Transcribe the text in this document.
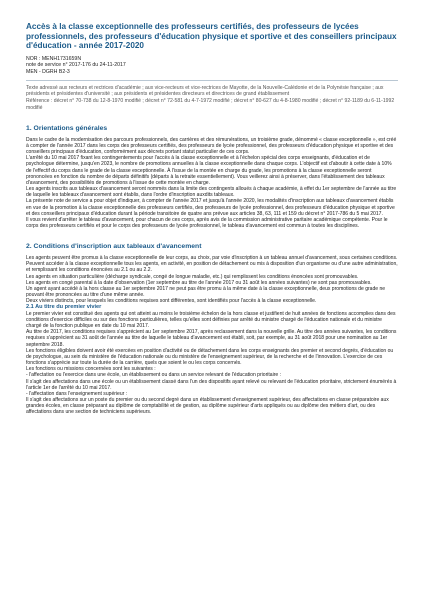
Accès à la classe exceptionnelle des professeurs certifiés, des professeurs de lycées professionnels, des professeurs d'éducation physique et sportive et des conseillers principaux d'éducation - année 2017-2020
NOR : MENH1731659N
note de service n° 2017-176 du 24-11-2017
MEN - DGRH B2-3

Texte adressé aux recteurs et rectrices d'académie ; aux vice-recteurs et vice-rectrices de Mayotte, de la Nouvelle-Calédonie et de la Polynésie française ; aux présidents et présidentes d'université ; aux présidents et présidentes directeurs et directrices de grand établissement

Référence : décret n° 70-738 du 12-8-1970 modifié ; décret n° 72-581 du 4-7-1972 modifié ; décret n° 80-627 du 4-8-1980 modifié ; décret n° 92-1189 du 6-11-1992 modifié

1. Orientations générales

Dans le cadre de la modernisation des parcours professionnels, des carrières et des rémunérations, un troisième grade, dénommé « classe exceptionnelle », est créé à compter de l'année 2017 dans les corps des professeurs certifiés, des professeurs de lycée professionnel, des professeurs d'éducation physique et sportive et des conseillers principaux d'éducation, conformément aux décrets portant statut particulier de ces corps.

L'arrêté du 10 mai 2017 fixant les contingentements pour l'accès à la classe exceptionnelle et à l'échelon spécial des corps enseignants, d'éducation et de psychologue détermine, jusqu'en 2023, le nombre de promotions annuelles à la classe exceptionnelle dans chaque corps. L'objectif est d'aboutir à cette date à 10% de l'effectif du corps dans le grade de la classe exceptionnelle. À l'issue de la montée en charge du grade, les promotions à la classe exceptionnelle seront prononcées en fonction du nombre de départs définitifs (départs à la retraite essentiellement). Vous veillerez ainsi à préserver, dans l'établissement des tableaux d'avancement, des possibilités de promotions à l'issue de cette montée en charge.

Les agents inscrits aux tableaux d'avancement seront nommés dans la limite des contingents alloués à chaque académie, à effet du 1er septembre de l'année au titre de laquelle les tableaux d'avancement sont établis, dans l'ordre d'inscription auxdits tableaux.

La présente note de service a pour objet d'indiquer, à compter de l'année 2017 et jusqu'à l'année 2020, les modalités d'inscription aux tableaux d'avancement établis en vue de la promotion à la classe exceptionnelle des professeurs certifiés, des professeurs de lycée professionnel, des professeurs d'éducation physique et sportive et des conseillers principaux d'éducation durant la période transitoire de quatre ans prévue aux articles 38, 63, 111 et 159 du décret n° 2017-786 du 5 mai 2017.

Il vous revient d'arrêter le tableau d'avancement, pour chacun de ces corps, après avis de la commission administrative paritaire académique compétente. Pour le corps des professeurs certifiés et pour le corps des professeurs de lycée professionnel, le tableau d'avancement est commun à toutes les disciplines.

2. Conditions d'inscription aux tableaux d'avancement

Les agents peuvent être promus à la classe exceptionnelle de leur corps, au choix, par voie d'inscription à un tableau annuel d'avancement, sous certaines conditions.

Peuvent accéder à la classe exceptionnelle tous les agents, en activité, en position de détachement ou mis à disposition d'un organisme ou d'une autre administration, et remplissant les conditions énoncées au 2.1 ou au 2.2.

Les agents en situation particulière (décharge syndicale, congé de longue maladie, etc.) qui remplissent les conditions énoncées sont promouvables.

Les agents en congé parental à la date d'observation (1er septembre au titre de l'année 2017 ou 31 août les années suivantes) ne sont pas promouvables.

Un agent ayant accédé à la hors classe au 1er septembre 2017 ne peut pas être promu à la même date à la classe exceptionnelle, deux promotions de grade ne pouvant être prononcées au titre d'une même année.

Deux viviers distincts, pour lesquels les conditions requises sont différentes, sont identifiés pour l'accès à la classe exceptionnelle.

2.1 Au titre du premier vivier

Le premier vivier est constitué des agents qui ont atteint au moins le troisième échelon de la hors classe et justifient de huit années de fonctions accomplies dans des conditions d'exercice difficiles ou sur des fonctions particulières, telles qu'elles sont définies par arrêté du ministre chargé de l'éducation nationale et du ministre chargé de la fonction publique en date du 10 mai 2017.

Au titre de 2017, les conditions requises s'apprécient au 1er septembre 2017, après reclassement dans la nouvelle grille. Au titre des années suivantes, les conditions requises s'apprécient au 31 août de l'année au titre de laquelle le tableau d'avancement est établi, soit, par exemple, au 31 août 2018 pour une nomination au 1er septembre 2018.

Les fonctions éligibles doivent avoir été exercées en position d'activité ou de détachement dans les corps enseignants des premier et second degrés, d'éducation ou de psychologue, au sein du ministère de l'éducation nationale ou du ministère de l'enseignement supérieur, de la recherche et de l'innovation. L'exercice de ces fonctions s'apprécie sur toute la durée de la carrière, quels que soient le ou les corps concernés.

Les fonctions ou missions concernées sont les suivantes :

- l'affectation ou l'exercice dans une école, un établissement ou dans un service relevant de l'éducation prioritaire :

Il s'agit des affectations dans une école ou un établissement classé dans l'un des dispositifs ayant relevé ou relevant de l'éducation prioritaire, strictement énumérés à l'article 1er de l'arrêté du 10 mai 2017.

- l'affectation dans l'enseignement supérieur :

Il s'agit des affectations sur un poste du premier ou du second degré dans un établissement d'enseignement supérieur, des affectations en classe préparatoire aux grandes écoles, en classe préparant au diplôme de comptabilité et de gestion, au diplôme supérieur d'arts appliqués ou au diplôme des métiers d'art, ou des affectations dans une section de techniciens supérieurs.
